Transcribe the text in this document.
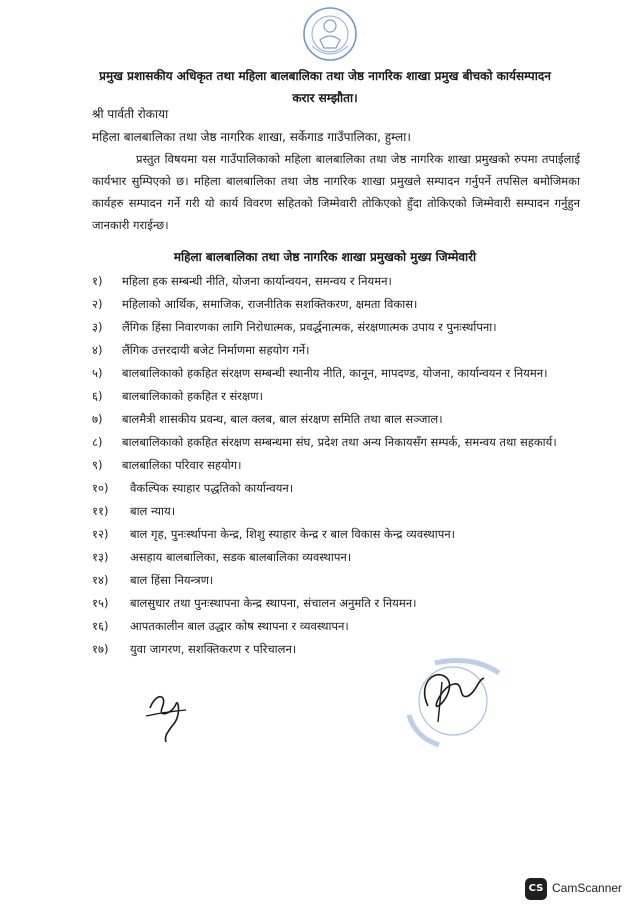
प्रमुख प्रशासकीय अधिकृत तथा महिला बालबालिका तथा जेष्ठ नागरिक शाखा प्रमुख बीचको कार्यसम्पादन
करार सम्झौता।
श्री पार्वती रोकाया
महिला बालबालिका तथा जेष्ठ नागरिक शाखा, सर्केगाड गाउँपालिका, हुम्ला।
प्रस्तुत विषयमा यस गाउँपालिकाको महिला बालबालिका तथा जेष्ठ नागरिक शाखा प्रमुखको रुपमा तपाईलाई कार्यभार सुम्पिएको छ। महिला बालबालिका तथा जेष्ठ नागरिक शाखा प्रमुखले सम्पादन गर्नुपर्ने तपसिल बमोजिमका कार्यहरु सम्पादन गर्ने गरी यो कार्य विवरण सहितको जिम्मेवारी तोकिएको हुँदा तोकिएको जिम्मेवारी सम्पादन गर्नुहुन जानकारी गराईन्छ।
महिला बालबालिका तथा जेष्ठ नागरिक शाखा प्रमुखको मुख्य जिम्मेवारी
१) महिला हक सम्बन्धी नीति, योजना कार्यान्वयन, समन्वय र नियमन।
२) महिलाको आर्थिक, समाजिक, राजनीतिक सशक्तिकरण, क्षमता विकास।
३) लैंगिक हिंसा निवारणका लागि निरोधात्मक, प्रवर्द्धनात्मक, संरक्षणात्मक उपाय र पुनःर्स्थापना।
४) लैंगिक उत्तरदायी बजेट निर्माणमा सहयोग गर्ने।
५) बालबालिकाको हकहित संरक्षण सम्बन्धी स्थानीय नीति, कानून, मापदण्ड, योजना, कार्यान्वयन र नियमन।
६) बालबालिकाको हकहित र संरक्षण।
७) बालमैत्री शासकीय प्रवन्ध, बाल क्लब, बाल संरक्षण समिति तथा बाल सञ्जाल।
८) बालबालिकाको हकहित संरक्षण सम्बन्धमा संघ, प्रदेश तथा अन्य निकायसँग सम्पर्क, समन्वय तथा सहकार्य।
९) बालबालिका परिवार सहयोग।
१०) वैकल्पिक स्याहार पद्धतिको कार्यान्वयन।
११) बाल न्याय।
१२) बाल गृह, पुनःर्स्थापना केन्द्र, शिशु स्याहार केन्द्र र बाल विकास केन्द्र व्यवस्थापन।
१३) असहाय बालबालिका, सडक बालबालिका व्यवस्थापन।
१४) बाल हिंसा नियन्त्रण।
१५) बालसुधार तथा पुनःस्थापना केन्द्र स्थापना, संचालन अनुमति र नियमन।
१६) आपतकालीन बाल उद्धार कोष स्थापना र व्यवस्थापन।
१७) युवा जागरण, सशक्तिकरण र परिचालन।
CS CamScanner
